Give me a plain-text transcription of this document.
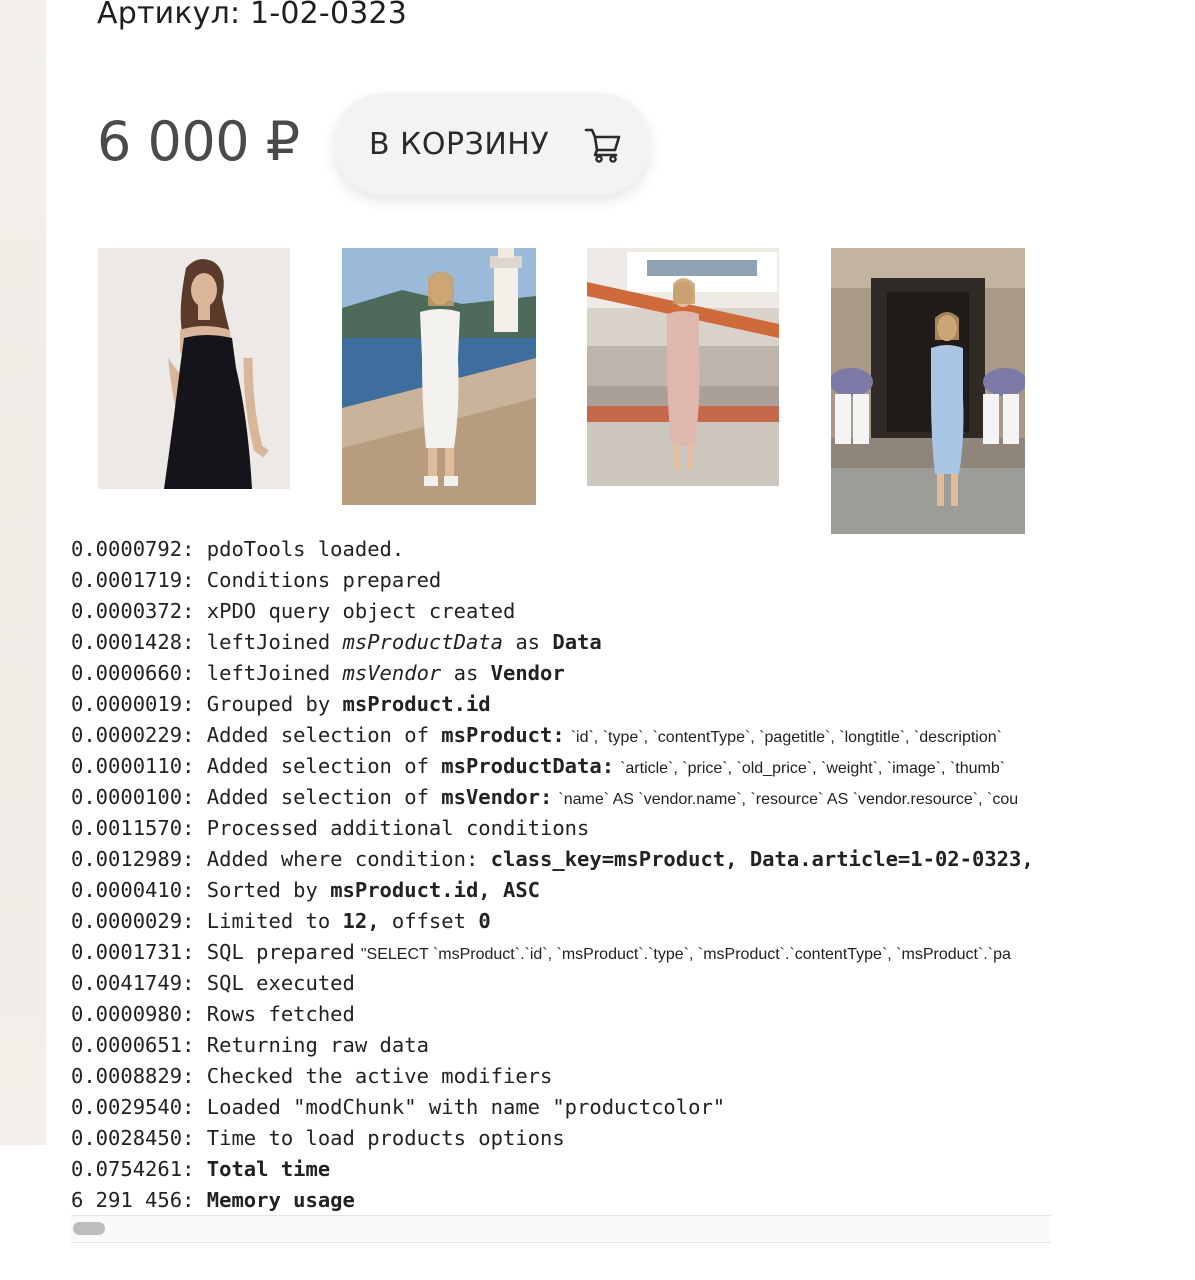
Артикул: 1-02-0323
6 000 ₽ В КОРЗИНУ
0.0000792: pdoTools loaded.
0.0001719: Conditions prepared
0.0000372: xPDO query object created
0.0001428: leftJoined msProductData as Data
0.0000660: leftJoined msVendor as Vendor
0.0000019: Grouped by msProduct.id
0.0000229: Added selection of msProduct: `id`, `type`, `contentType`, `pagetitle`, `longtitle`, `description`
0.0000110: Added selection of msProductData: `article`, `price`, `old_price`, `weight`, `image`, `thumb`
0.0000100: Added selection of msVendor: `name` AS `vendor.name`, `resource` AS `vendor.resource`, `cou
0.0011570: Processed additional conditions
0.0012989: Added where condition: class_key=msProduct, Data.article=1-02-0323,
0.0000410: Sorted by msProduct.id, ASC
0.0000029: Limited to 12, offset 0
0.0001731: SQL prepared "SELECT `msProduct`.`id`, `msProduct`.`type`, `msProduct`.`contentType`, `msProduct`.`pa
0.0041749: SQL executed
0.0000980: Rows fetched
0.0000651: Returning raw data
0.0008829: Checked the active modifiers
0.0029540: Loaded "modChunk" with name "productcolor"
0.0028450: Time to load products options
0.0754261: Total time
6 291 456: Memory usage
